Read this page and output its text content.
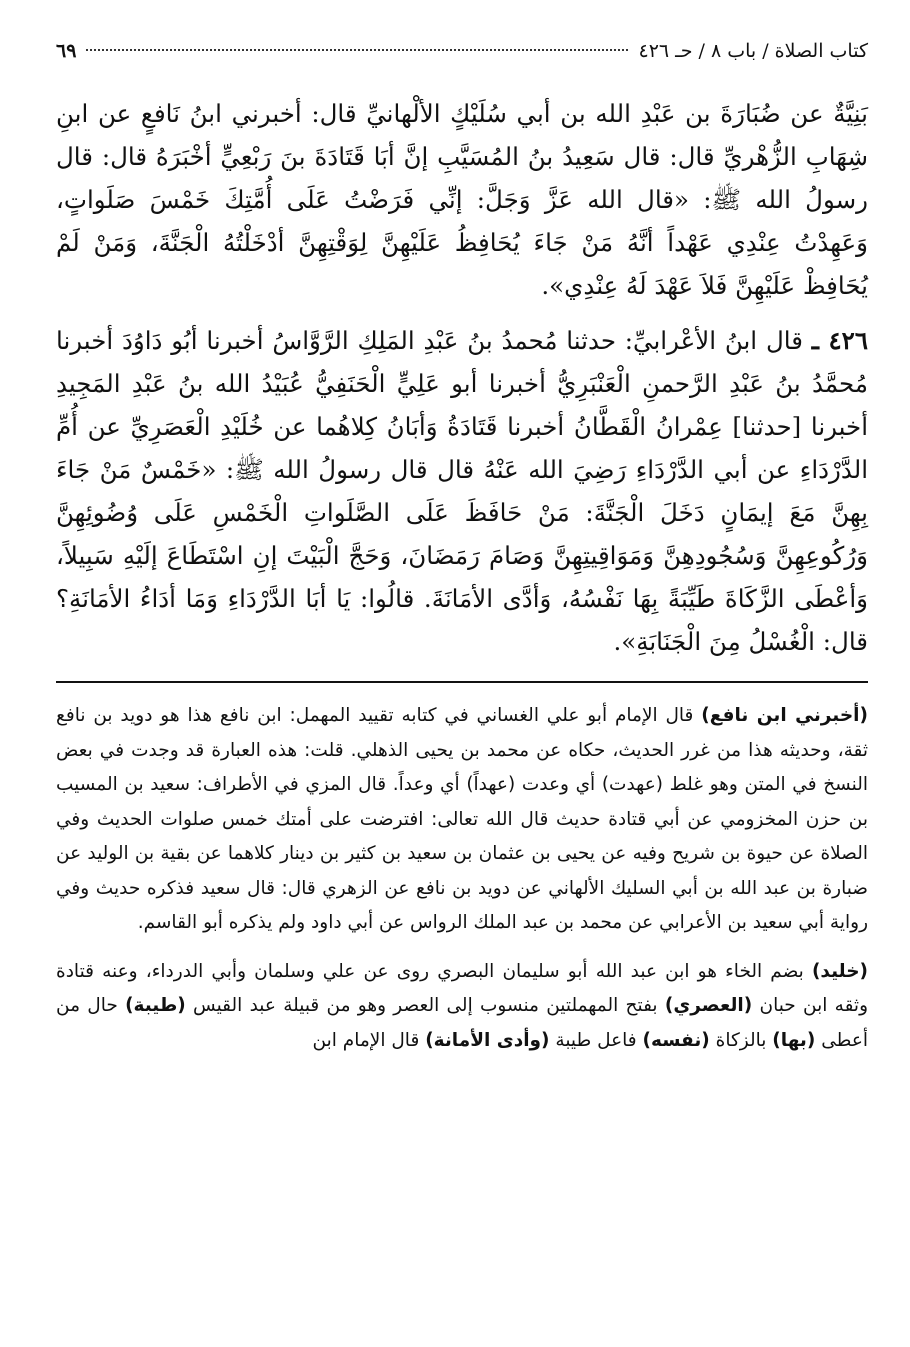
كتاب الصلاة / باب ٨ / حـ ٤٢٦
٦٩

بَنِيَّةٌ عن ضُبَارَةَ بن عَبْدِ الله بن أبي سُلَيْكٍ الألْهانيِّ قال: أخبرني ابنُ نَافعٍ عن ابنِ شِهَابِ الزُّهْريِّ قال: قال سَعِيدُ بنُ المُسَيَّبِ إنَّ أبَا قَتَادَةَ بنَ رَبْعِيٍّ أخْبَرَهُ قال: قال رسولُ الله ﷺ: «قال الله عَزَّ وَجَلَّ: إنِّي فَرَضْتُ عَلَى أُمَّتِكَ خَمْسَ صَلَواتٍ، وَعَهِدْتُ عِنْدِي عَهْداً أنَّهُ مَنْ جَاءَ يُحَافِظُ عَلَيْهِنَّ لِوَقْتِهِنَّ أدْخَلْتُهُ الْجَنَّةَ، وَمَنْ لَمْ يُحَافِظْ عَلَيْهِنَّ فَلاَ عَهْدَ لَهُ عِنْدِي».

٤٢٦ ـ قال ابنُ الأعْرابيِّ: حدثنا مُحمدُ بنُ عَبْدِ المَلِكِ الرَّوَّاسُ أخبرنا أبُو دَاوُدَ أخبرنا مُحمَّدُ بنُ عَبْدِ الرَّحمنِ الْعَنْبَرِيُّ أخبرنا أبو عَلِيٍّ الْحَنَفِيُّ عُبَيْدُ الله بنُ عَبْدِ المَجِيدِ أخبرنا [حدثنا] عِمْرانُ الْقَطَّانُ أخبرنا قَتَادَةُ وَأبَانُ كِلاهُما عن خُلَيْدِ الْعَصَرِيِّ عن أُمِّ الدَّرْدَاءِ عن أبي الدَّرْدَاءِ رَضِيَ الله عَنْهُ قال قال رسولُ الله ﷺ: «خَمْسٌ مَنْ جَاءَ بِهِنَّ مَعَ إيمَانٍ دَخَلَ الْجَنَّةَ: مَنْ حَافَظَ عَلَى الصَّلَواتِ الْخَمْسِ عَلَى وُضُوئِهِنَّ وَرُكُوعِهِنَّ وَسُجُودِهِنَّ وَمَوَاقِيتِهِنَّ وَصَامَ رَمَضَانَ، وَحَجَّ الْبَيْتَ إنِ اسْتَطَاعَ إلَيْهِ سَبِيلاً، وَأعْطَى الزَّكَاةَ طَيِّبَةً بِهَا نَفْسُهُ، وَأدَّى الأمَانَةَ. قالُوا: يَا أبَا الدَّرْدَاءِ وَمَا أدَاءُ الأمَانَةِ؟ قال: الْغُسْلُ مِنَ الْجَنَابَةِ».

(أخبرني ابن نافع) قال الإمام أبو علي الغساني في كتابه تقييد المهمل: ابن نافع هذا هو دويد بن نافع ثقة، وحديثه هذا من غرر الحديث، حكاه عن محمد بن يحيى الذهلي. قلت: هذه العبارة قد وجدت في بعض النسخ في المتن وهو غلط (عهدت) أي وعدت (عهداً) أي وعداً. قال المزي في الأطراف: سعيد بن المسيب بن حزن المخزومي عن أبي قتادة حديث قال الله تعالى: افترضت على أمتك خمس صلوات الحديث وفي الصلاة عن حيوة بن شريح وفيه عن يحيى بن عثمان بن سعيد بن كثير بن دينار كلاهما عن بقية بن الوليد عن ضبارة بن عبد الله بن أبي السليك الألهاني عن دويد بن نافع عن الزهري قال: قال سعيد فذكره حديث وفي رواية أبي سعيد بن الأعرابي عن محمد بن عبد الملك الرواس عن أبي داود ولم يذكره أبو القاسم.

(خليد) بضم الخاء هو ابن عبد الله أبو سليمان البصري روى عن علي وسلمان وأبي الدرداء، وعنه قتادة وثقه ابن حبان (العصري) بفتح المهملتين منسوب إلى العصر وهو من قبيلة عبد القيس (طيبة) حال من أعطى (بها) بالزكاة (نفسه) فاعل طيبة (وأدى الأمانة) قال الإمام ابن
